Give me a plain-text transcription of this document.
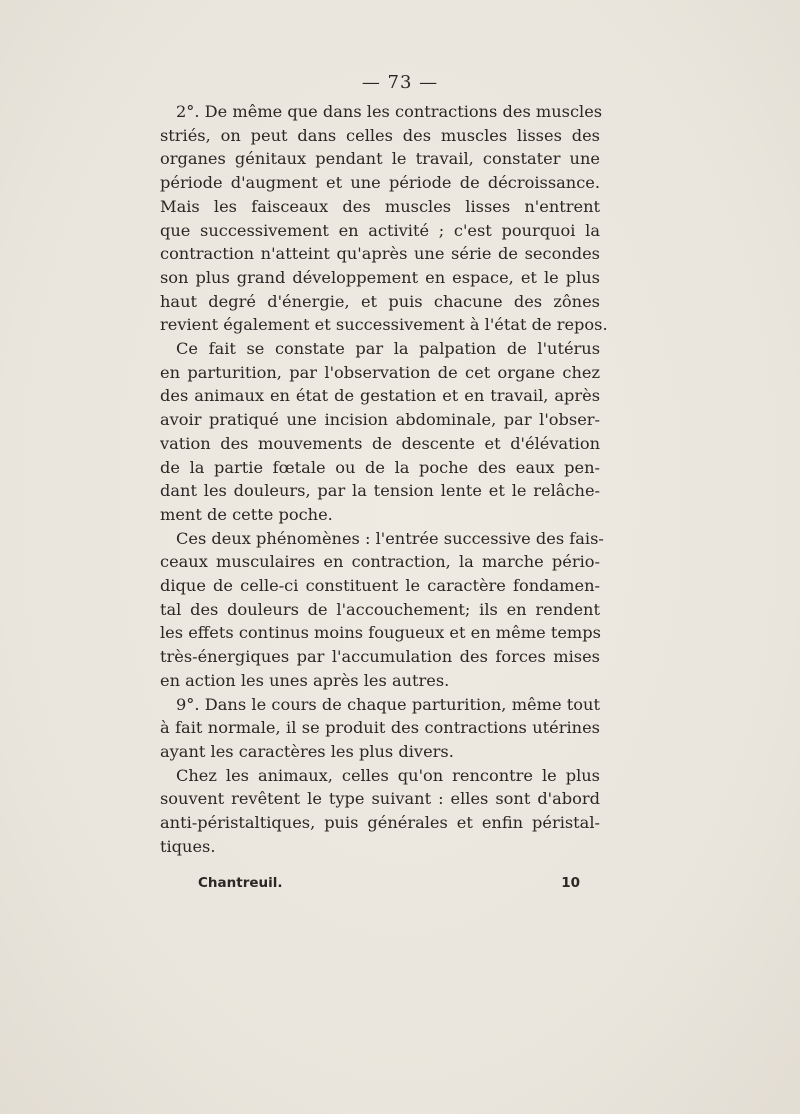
— 73 —
2°. De même que dans les contractions des muscles
striés, on peut dans celles des muscles lisses des
organes génitaux pendant le travail, constater une
période d'augment et une période de décroissance.
Mais les faisceaux des muscles lisses n'entrent
que successivement en activité ; c'est pourquoi la
contraction n'atteint qu'après une série de secondes
son plus grand développement en espace, et le plus
haut degré d'énergie, et puis chacune des zônes
revient également et successivement à l'état de repos.
Ce fait se constate par la palpation de l'utérus
en parturition, par l'observation de cet organe chez
des animaux en état de gestation et en travail, après
avoir pratiqué une incision abdominale, par l'obser-
vation des mouvements de descente et d'élévation
de la partie fœtale ou de la poche des eaux pen-
dant les douleurs, par la tension lente et le relâche-
ment de cette poche.
Ces deux phénomènes : l'entrée successive des fais-
ceaux musculaires en contraction, la marche pério-
dique de celle-ci constituent le caractère fondamen-
tal des douleurs de l'accouchement; ils en rendent
les effets continus moins fougueux et en même temps
très-énergiques par l'accumulation des forces mises
en action les unes après les autres.
9°. Dans le cours de chaque parturition, même tout
à fait normale, il se produit des contractions utérines
ayant les caractères les plus divers.
Chez les animaux, celles qu'on rencontre le plus
souvent revêtent le type suivant : elles sont d'abord
anti-péristaltiques, puis générales et enfin péristal-
tiques.
Chantreuil.	10
